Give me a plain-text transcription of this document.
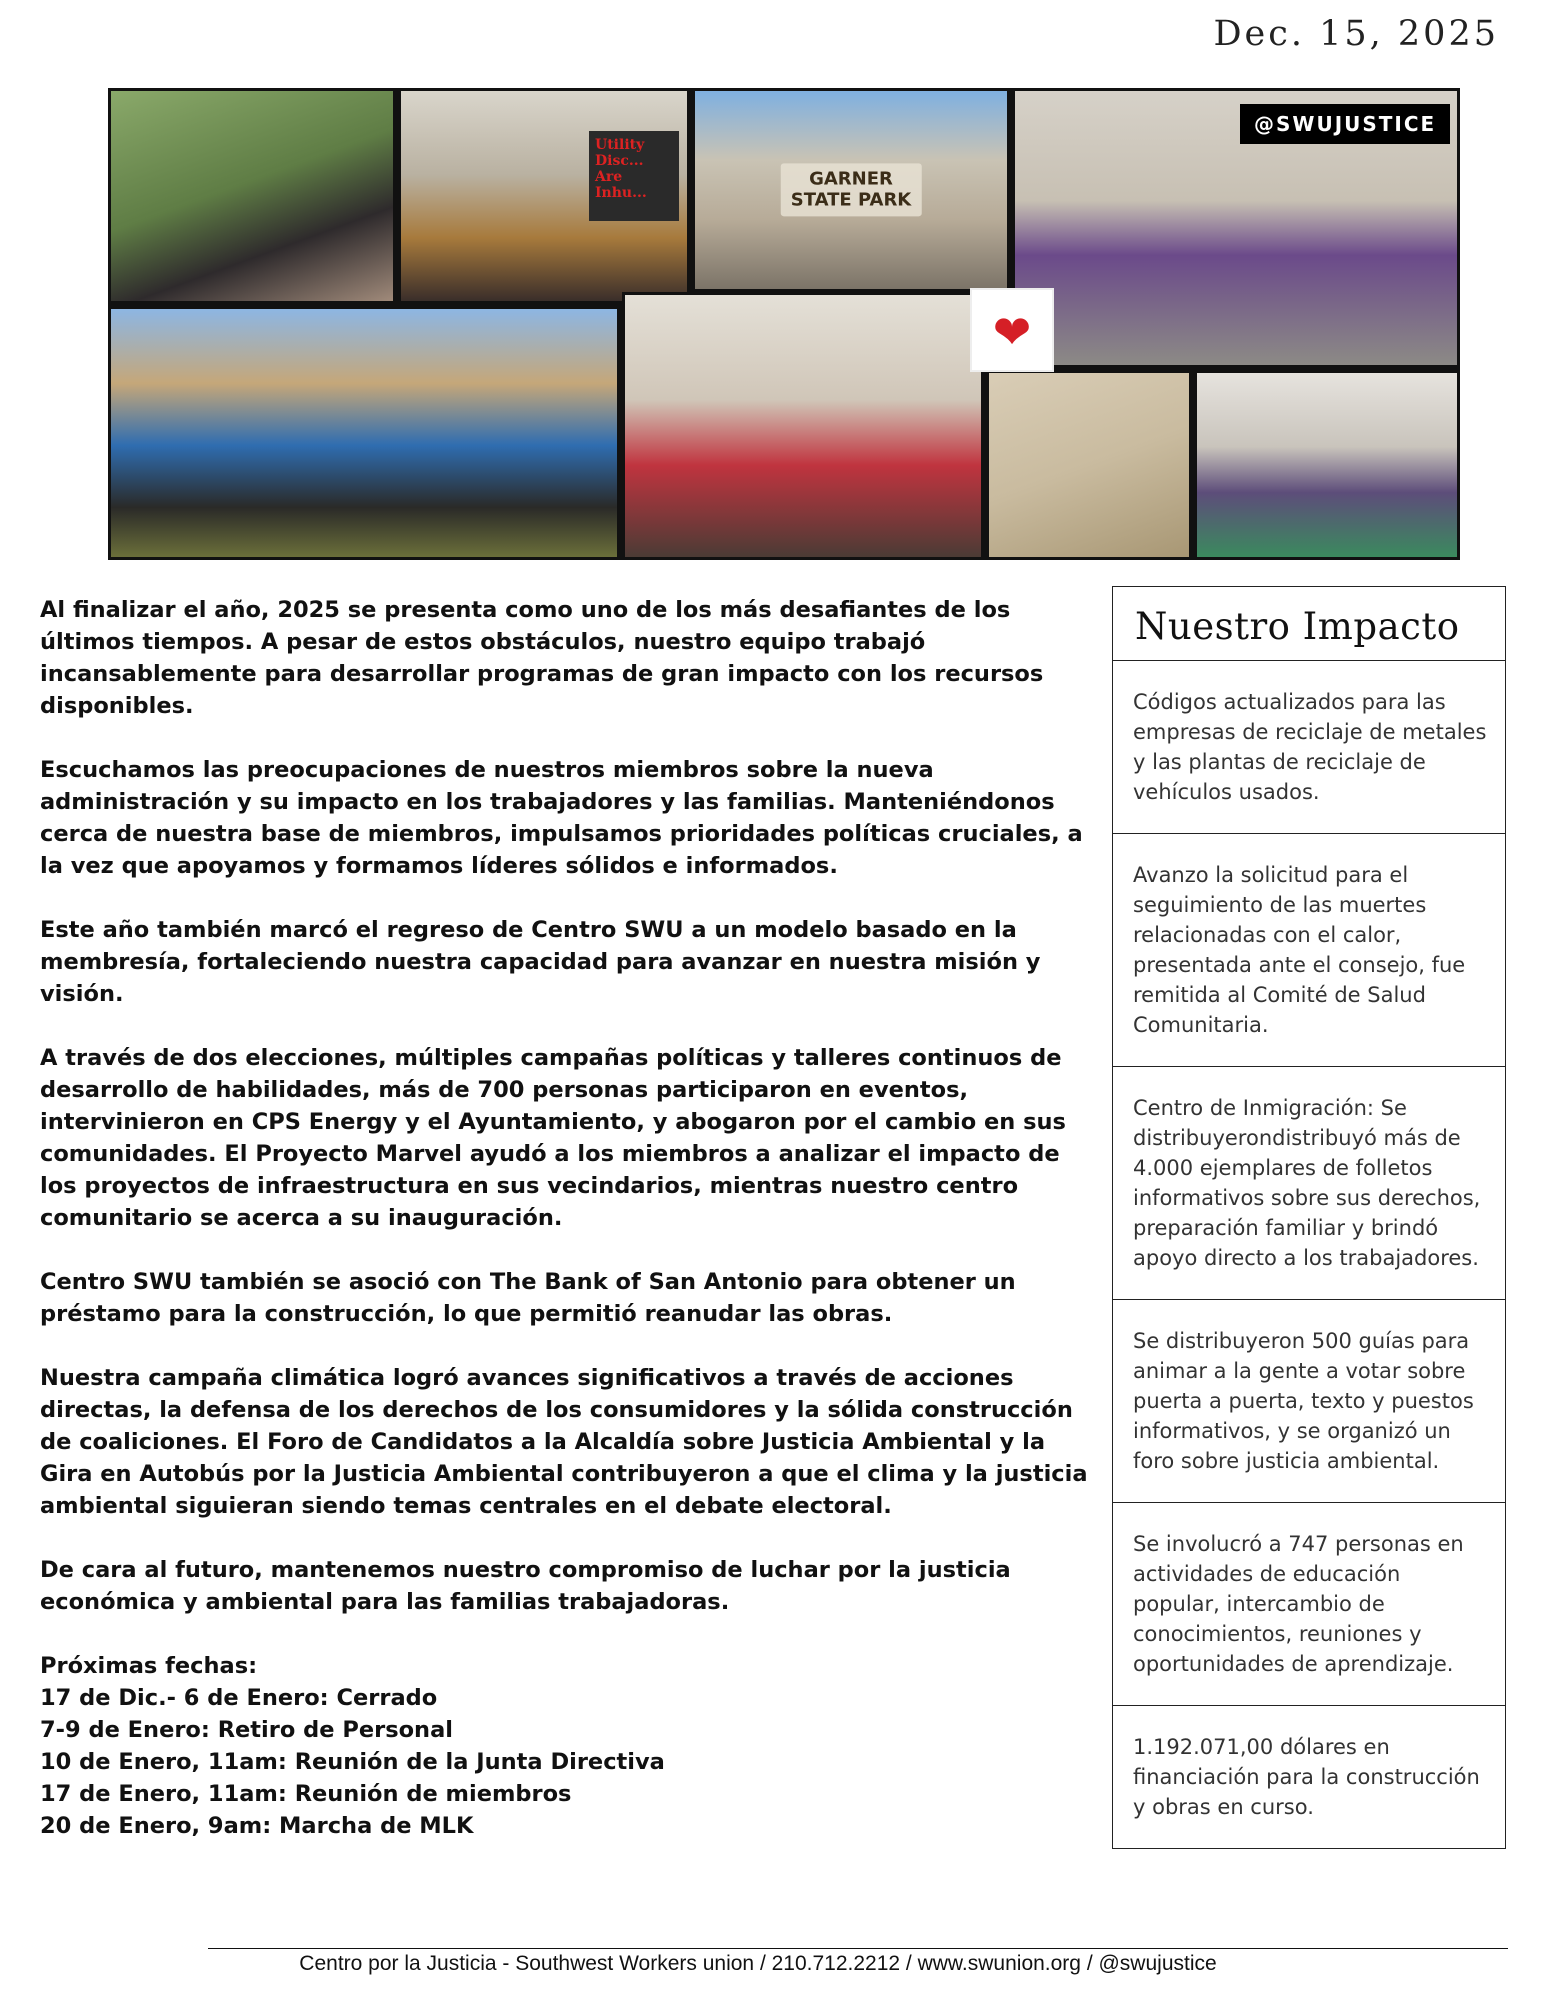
Dec. 15, 2025
Utility Disc... Are Inhu...
GARNER
STATE PARK
❤
@SWUJUSTICE

Al finalizar el año, 2025 se presenta como uno de los más desafiantes de los últimos tiempos. A pesar de estos obstáculos, nuestro equipo trabajó incansablemente para desarrollar programas de gran impacto con los recursos disponibles.

Escuchamos las preocupaciones de nuestros miembros sobre la nueva administración y su impacto en los trabajadores y las familias. Manteniéndonos cerca de nuestra base de miembros, impulsamos prioridades políticas cruciales, a la vez que apoyamos y formamos líderes sólidos e informados.

Este año también marcó el regreso de Centro SWU a un modelo basado en la membresía, fortaleciendo nuestra capacidad para avanzar en nuestra misión y visión.

A través de dos elecciones, múltiples campañas políticas y talleres continuos de desarrollo de habilidades, más de 700 personas participaron en eventos, intervinieron en CPS Energy y el Ayuntamiento, y abogaron por el cambio en sus comunidades. El Proyecto Marvel ayudó a los miembros a analizar el impacto de los proyectos de infraestructura en sus vecindarios, mientras nuestro centro comunitario se acerca a su inauguración.

Centro SWU también se asoció con The Bank of San Antonio para obtener un préstamo para la construcción, lo que permitió reanudar las obras.

Nuestra campaña climática logró avances significativos a través de acciones directas, la defensa de los derechos de los consumidores y la sólida construcción de coaliciones. El Foro de Candidatos a la Alcaldía sobre Justicia Ambiental y la Gira en Autobús por la Justicia Ambiental contribuyeron a que el clima y la justicia ambiental siguieran siendo temas centrales en el debate electoral.

De cara al futuro, mantenemos nuestro compromiso de luchar por la justicia económica y ambiental para las familias trabajadoras.

Próximas fechas:
17 de Dic.- 6 de Enero: Cerrado
7-9 de Enero: Retiro de Personal
10 de Enero, 11am: Reunión de la Junta Directiva
17 de Enero, 11am: Reunión de miembros
20 de Enero, 9am: Marcha de MLK
Nuestro Impacto
Códigos actualizados para las empresas de reciclaje de metales y las plantas de reciclaje de vehículos usados.
Avanzo la solicitud para el seguimiento de las muertes relacionadas con el calor, presentada ante el consejo, fue remitida al Comité de Salud Comunitaria.
Centro de Inmigración: Se distribuyerondistribuyó más de 4.000 ejemplares de folletos informativos sobre sus derechos, preparación familiar y brindó apoyo directo a los trabajadores.
Se distribuyeron 500 guías para animar a la gente a votar sobre puerta a puerta, texto y puestos informativos, y se organizó un foro sobre justicia ambiental.
Se involucró a 747 personas en actividades de educación popular, intercambio de conocimientos, reuniones y oportunidades de aprendizaje.
1.192.071,00 dólares en financiación para la construcción y obras en curso.
Centro por la Justicia - Southwest Workers union / 210.712.2212 / www.swunion.org / @swujustice
